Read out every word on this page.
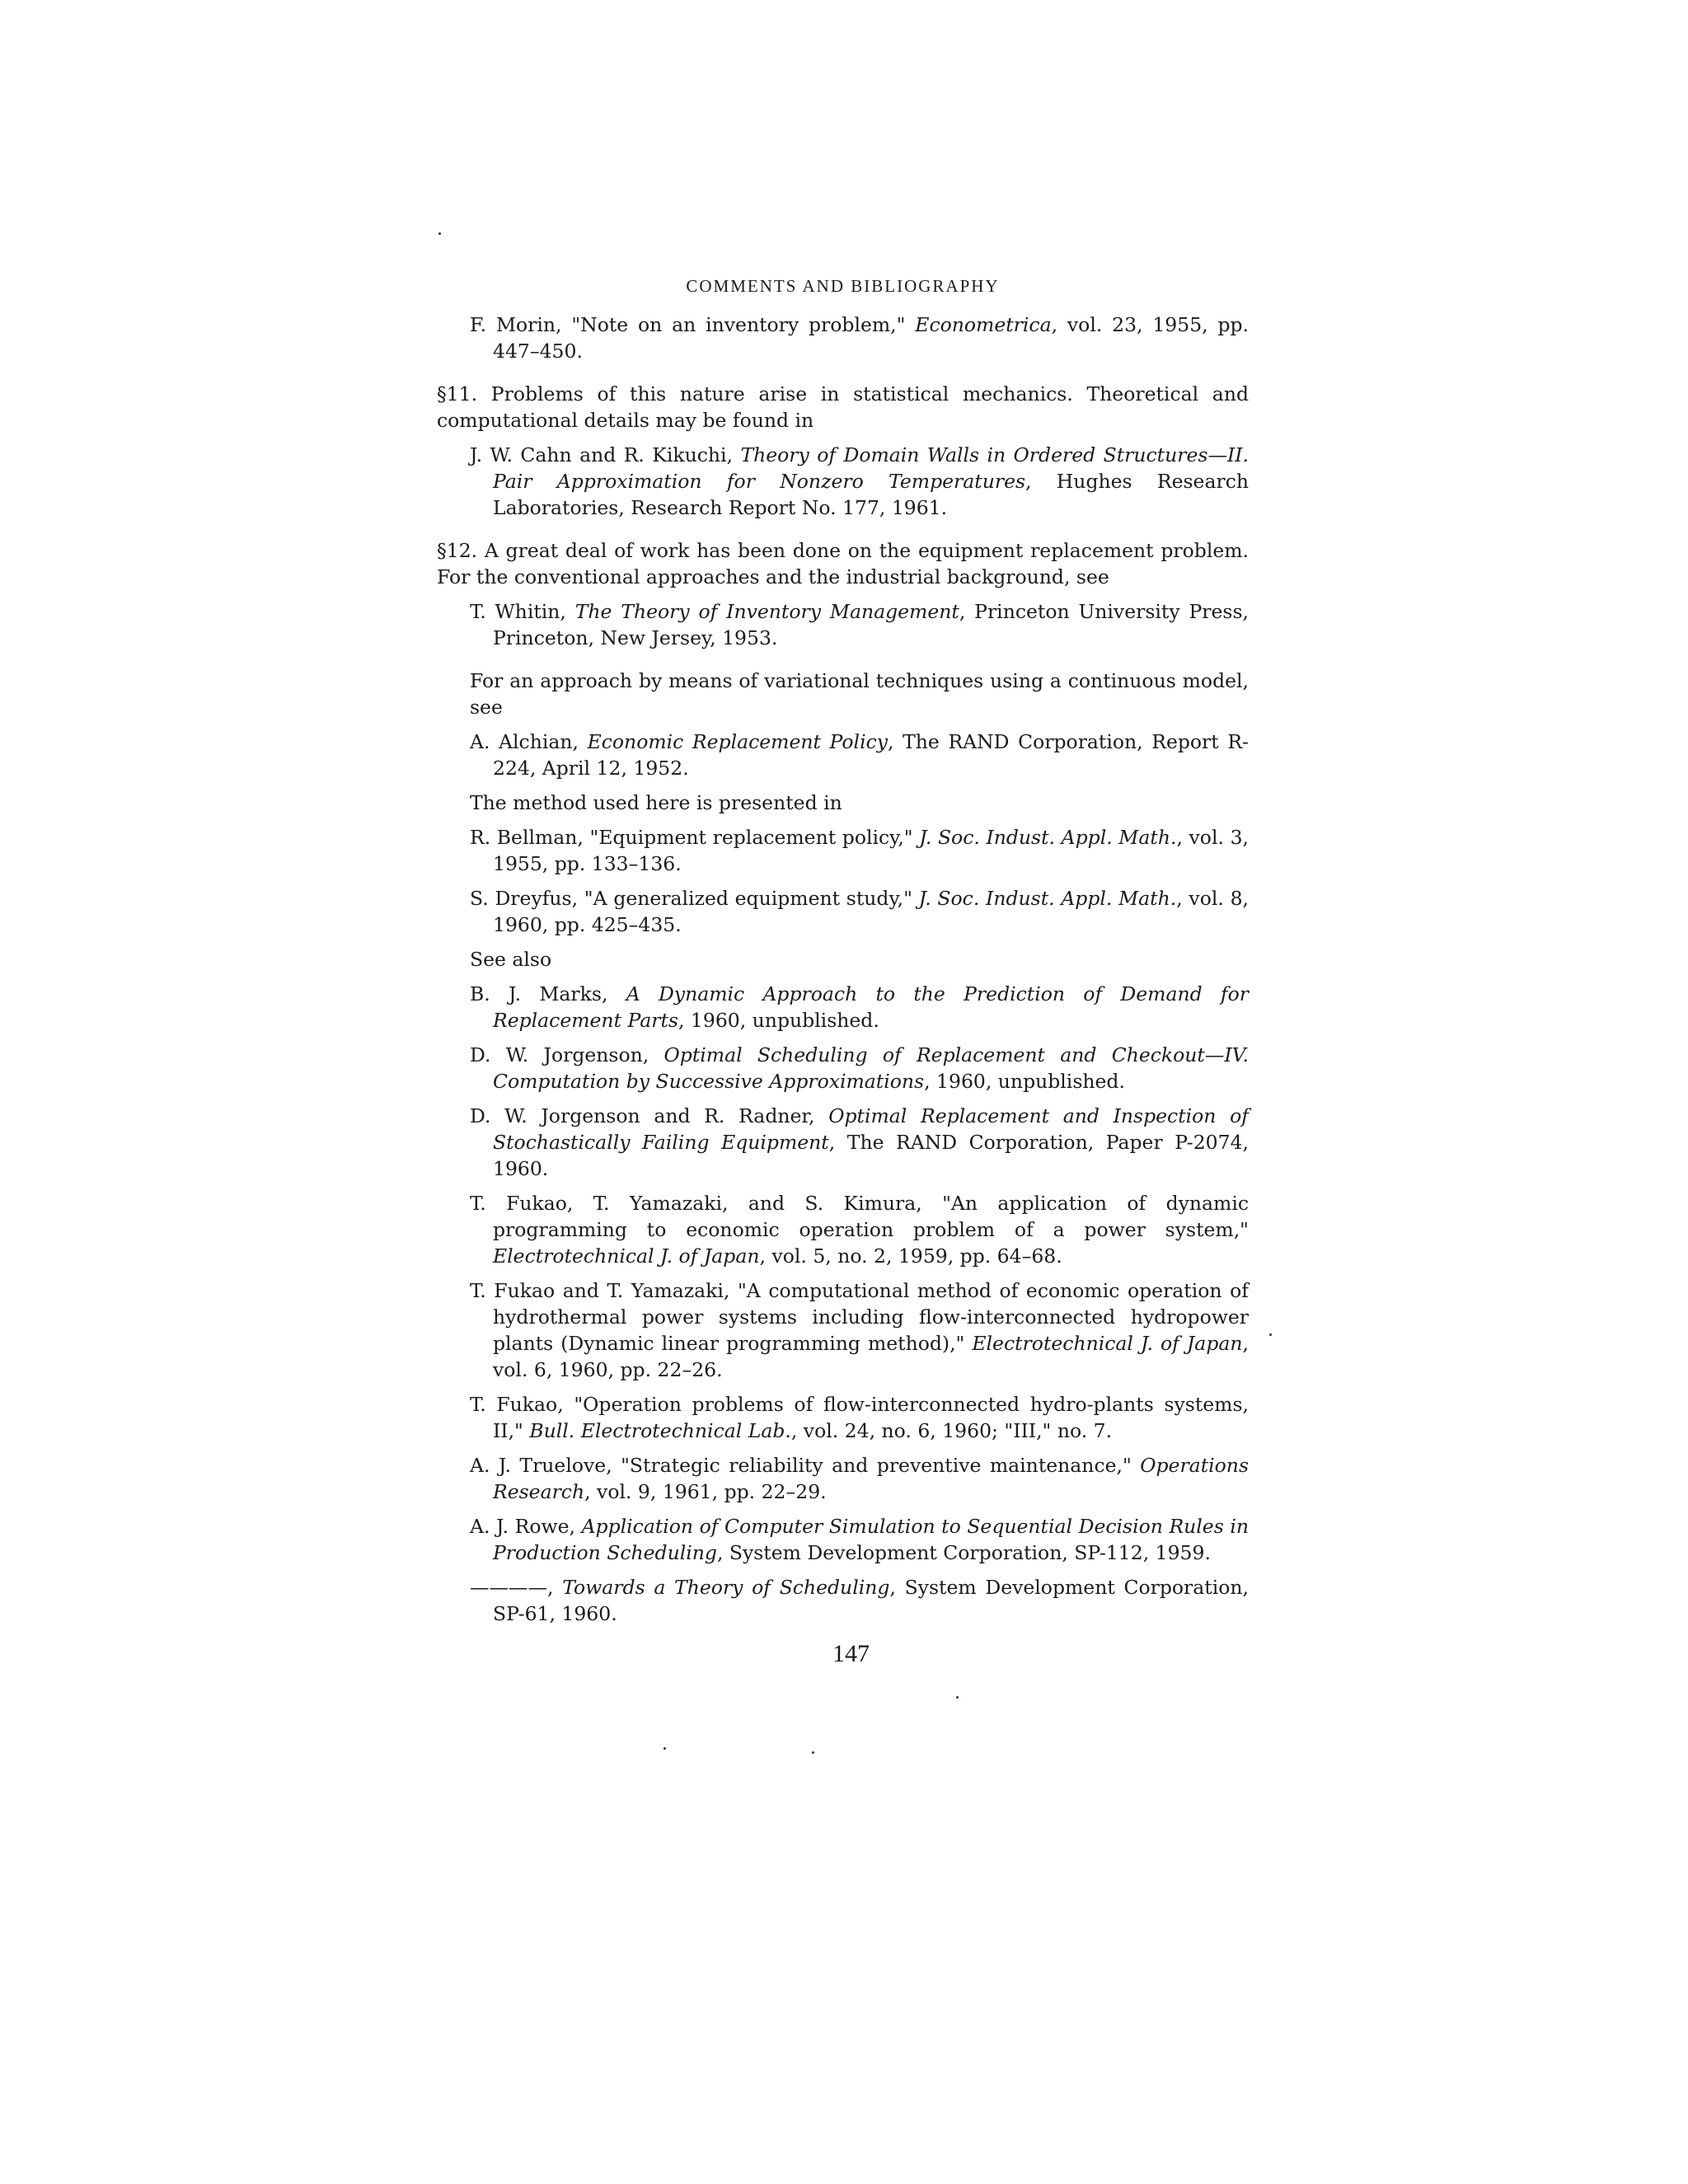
COMMENTS AND BIBLIOGRAPHY
F. Morin, "Note on an inventory problem," Econometrica, vol. 23, 1955, pp. 447–450.
§11. Problems of this nature arise in statistical mechanics. Theoretical and computational details may be found in
J. W. Cahn and R. Kikuchi, Theory of Domain Walls in Ordered Structures—II. Pair Approximation for Nonzero Temperatures, Hughes Research Laboratories, Research Report No. 177, 1961.
§12. A great deal of work has been done on the equipment replacement problem. For the conventional approaches and the industrial background, see
T. Whitin, The Theory of Inventory Management, Princeton University Press, Princeton, New Jersey, 1953.
For an approach by means of variational techniques using a continuous model, see
A. Alchian, Economic Replacement Policy, The RAND Corporation, Report R-224, April 12, 1952.
The method used here is presented in
R. Bellman, "Equipment replacement policy," J. Soc. Indust. Appl. Math., vol. 3, 1955, pp. 133–136.
S. Dreyfus, "A generalized equipment study," J. Soc. Indust. Appl. Math., vol. 8, 1960, pp. 425–435.
See also
B. J. Marks, A Dynamic Approach to the Prediction of Demand for Replacement Parts, 1960, unpublished.
D. W. Jorgenson, Optimal Scheduling of Replacement and Checkout—IV. Computation by Successive Approximations, 1960, unpublished.
D. W. Jorgenson and R. Radner, Optimal Replacement and Inspection of Stochastically Failing Equipment, The RAND Corporation, Paper P-2074, 1960.
T. Fukao, T. Yamazaki, and S. Kimura, "An application of dynamic programming to economic operation problem of a power system," Electrotechnical J. of Japan, vol. 5, no. 2, 1959, pp. 64–68.
T. Fukao and T. Yamazaki, "A computational method of economic operation of hydrothermal power systems including flow-interconnected hydropower plants (Dynamic linear programming method)," Electrotechnical J. of Japan, vol. 6, 1960, pp. 22–26.
T. Fukao, "Operation problems of flow-interconnected hydro-plants systems, II," Bull. Electrotechnical Lab., vol. 24, no. 6, 1960; "III," no. 7.
A. J. Truelove, "Strategic reliability and preventive maintenance," Operations Research, vol. 9, 1961, pp. 22–29.
A. J. Rowe, Application of Computer Simulation to Sequential Decision Rules in Production Scheduling, System Development Corporation, SP-112, 1959.
————, Towards a Theory of Scheduling, System Development Corporation, SP-61, 1960.
147
